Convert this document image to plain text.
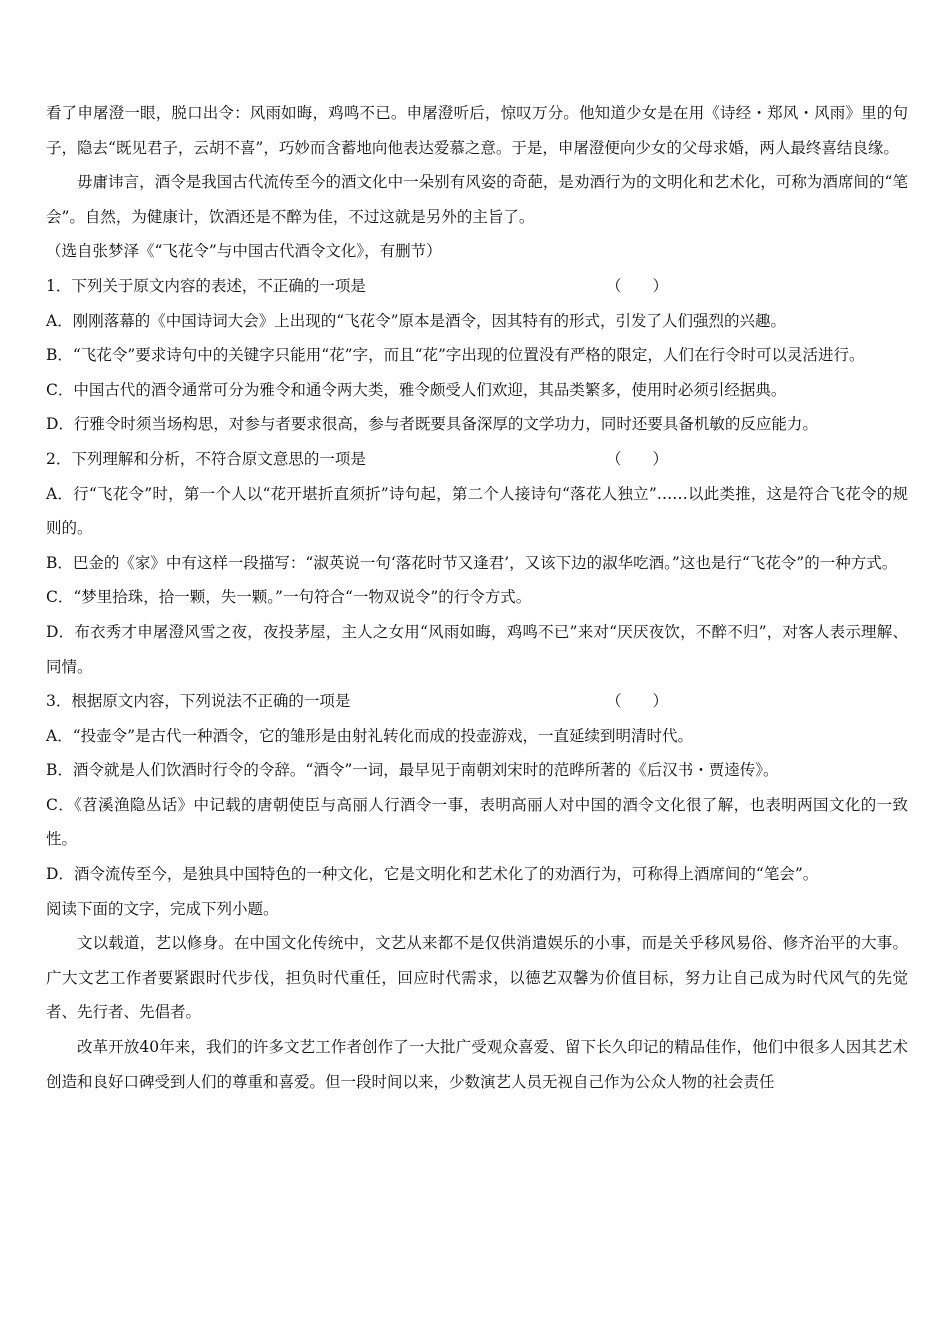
看了申屠澄一眼，脱口出令：风雨如晦，鸡鸣不已。申屠澄听后，惊叹万分。他知道少女是在用《诗经・郑风・风雨》里的句子，隐去“既见君子，云胡不喜”，巧妙而含蓄地向他表达爱慕之意。于是，申屠澄便向少女的父母求婚，两人最终喜结良缘。

毋庸讳言，酒令是我国古代流传至今的酒文化中一朵别有风姿的奇葩，是劝酒行为的文明化和艺术化，可称为酒席间的“笔会”。自然，为健康计，饮酒还是不醉为佳，不过这就是另外的主旨了。

（选自张梦泽《“飞花令”与中国古代酒令文化》，有删节）

1．下列关于原文内容的表述，不正确的一项是	（　　）

A．刚刚落幕的《中国诗词大会》上出现的“飞花令”原本是酒令，因其特有的形式，引发了人们强烈的兴趣。

B．“飞花令”要求诗句中的关键字只能用“花”字，而且“花”字出现的位置没有严格的限定，人们在行令时可以灵活进行。

C．中国古代的酒令通常可分为雅令和通令两大类，雅令颇受人们欢迎，其品类繁多，使用时必须引经据典。

D．行雅令时须当场构思，对参与者要求很高，参与者既要具备深厚的文学功力，同时还要具备机敏的反应能力。

2．下列理解和分析，不符合原文意思的一项是	（　　）

A．行“飞花令”时，第一个人以“花开堪折直须折”诗句起，第二个人接诗句“落花人独立”……以此类推，这是符合飞花令的规则的。

B．巴金的《家》中有这样一段描写：“淑英说一句‘落花时节又逢君’，又该下边的淑华吃酒。”这也是行“飞花令”的一种方式。

C．“梦里拾珠，拾一颗，失一颗。”一句符合“一物双说令”的行令方式。

D．布衣秀才申屠澄风雪之夜，夜投茅屋，主人之女用“风雨如晦，鸡鸣不已”来对“厌厌夜饮，不醉不归”，对客人表示理解、同情。

3．根据原文内容，下列说法不正确的一项是	（　　）

A．“投壶令”是古代一种酒令，它的雏形是由射礼转化而成的投壶游戏，一直延续到明清时代。

B．酒令就是人们饮酒时行令的令辞。“酒令”一词，最早见于南朝刘宋时的范晔所著的《后汉书・贾逵传》。

C．《苕溪渔隐丛话》中记载的唐朝使臣与高丽人行酒令一事，表明高丽人对中国的酒令文化很了解，也表明两国文化的一致性。

D．酒令流传至今，是独具中国特色的一种文化，它是文明化和艺术化了的劝酒行为，可称得上酒席间的“笔会”。

阅读下面的文字，完成下列小题。

文以载道，艺以修身。在中国文化传统中，文艺从来都不是仅供消遣娱乐的小事，而是关乎移风易俗、修齐治平的大事。广大文艺工作者要紧跟时代步伐，担负时代重任，回应时代需求，以德艺双馨为价值目标，努力让自己成为时代风气的先觉者、先行者、先倡者。

改革开放40年来，我们的许多文艺工作者创作了一大批广受观众喜爱、留下长久印记的精品佳作，他们中很多人因其艺术创造和良好口碑受到人们的尊重和喜爱。但一段时间以来，少数演艺人员无视自己作为公众人物的社会责任
